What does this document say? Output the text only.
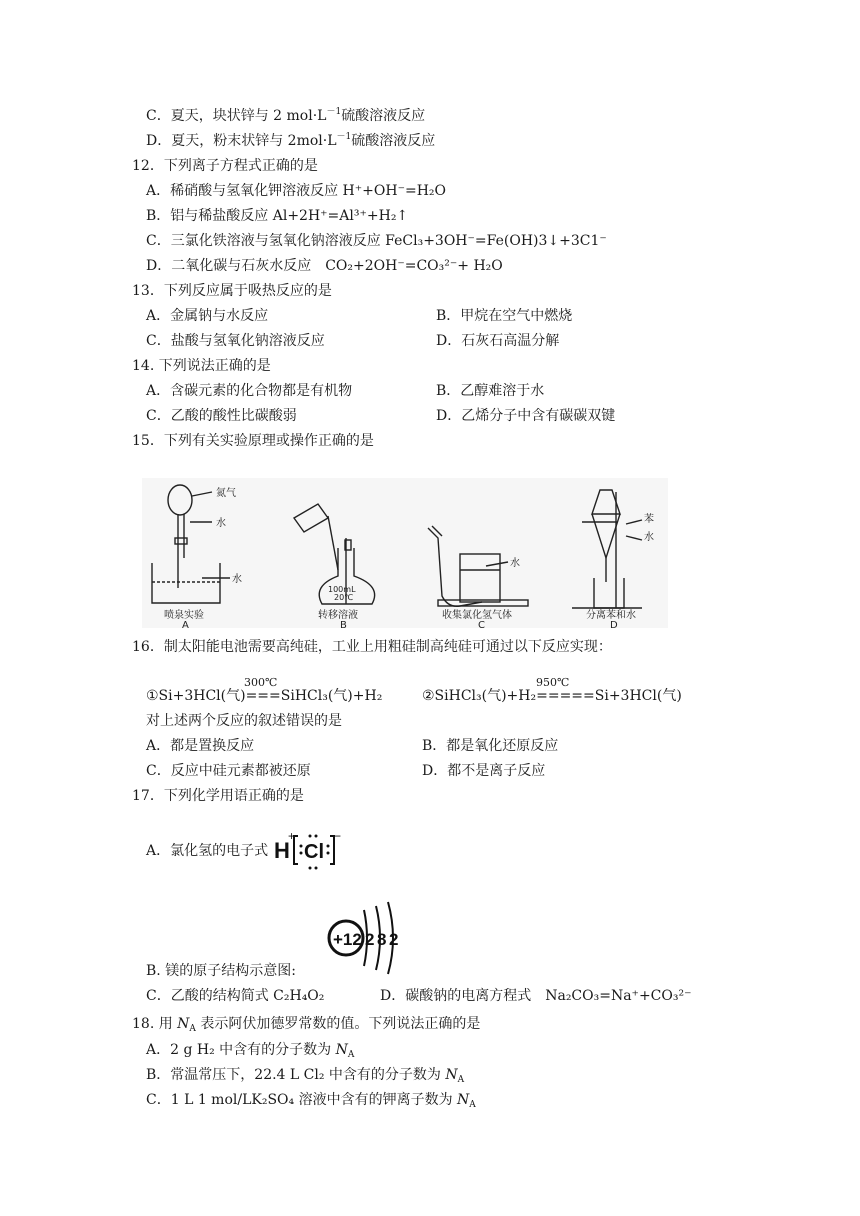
C．夏天，块状锌与 2 $mol\cdot L^{-1}$硫酸溶液反应
D．夏天，粉末状锌与 $2mol\cdot L^{-1}$硫酸溶液反应
12．下列离子方程式正确的是
A．稀硝酸与氢氧化钾溶液反应 H⁺+OH⁻=H₂O
B．铝与稀盐酸反应 Al+2H⁺=Al³⁺+H₂↑
C．三氯化铁溶液与氢氧化钠溶液反应 FeCl₃+3OH⁻=Fe(OH)3↓+3C1⁻
D．二氧化碳与石灰水反应　CO₂+2OH⁻=CO₃²⁻+ H₂O
13．下列反应属于吸热反应的是
A．金属钠与水反应	B．甲烷在空气中燃烧
C．盐酸与氢氧化钠溶液反应	D．石灰石高温分解
14. 下列说法正确的是
A．含碳元素的化合物都是有机物	B．乙醇难溶于水
C．乙酸的酸性比碳酸弱	D．乙烯分子中含有碳碳双键
15．下列有关实验原理或操作正确的是
氮气
水
水
喷泉实验
A
100mL
20℃
转移溶液
B
水
收集氯化氢气体
C
苯
水
分离苯和水
D
16．制太阳能电池需要高纯硅，工业上用粗硅制高纯硅可通过以下反应实现：
300℃
①Si+3HCl(气)===SiHCl₃(气)+H₂
950℃
②SiHCl₃(气)+H₂=====Si+3HCl(气)
对上述两个反应的叙述错误的是
A．都是置换反应	B．都是氧化还原反应
C．反应中硅元素都被还原	D．都不是离子反应
17．下列化学用语正确的是
A．氯化氢的电子式 H
+
Cl
−
B. 镁的原子结构示意图:
+12 2 8 2
C．乙酸的结构简式 C₂H₄O₂	D．碳酸钠的电离方程式　Na₂CO₃=Na⁺+CO₃²⁻
18. 用 $N_A$ 表示阿伏加德罗常数的值。下列说法正确的是
A．2 g H₂ 中含有的分子数为 $N_A$
B．常温常压下，22.4 L Cl₂ 中含有的分子数为 $N_A$
C．1 L 1 mol/LK₂SO₄ 溶液中含有的钾离子数为 $N_A$
